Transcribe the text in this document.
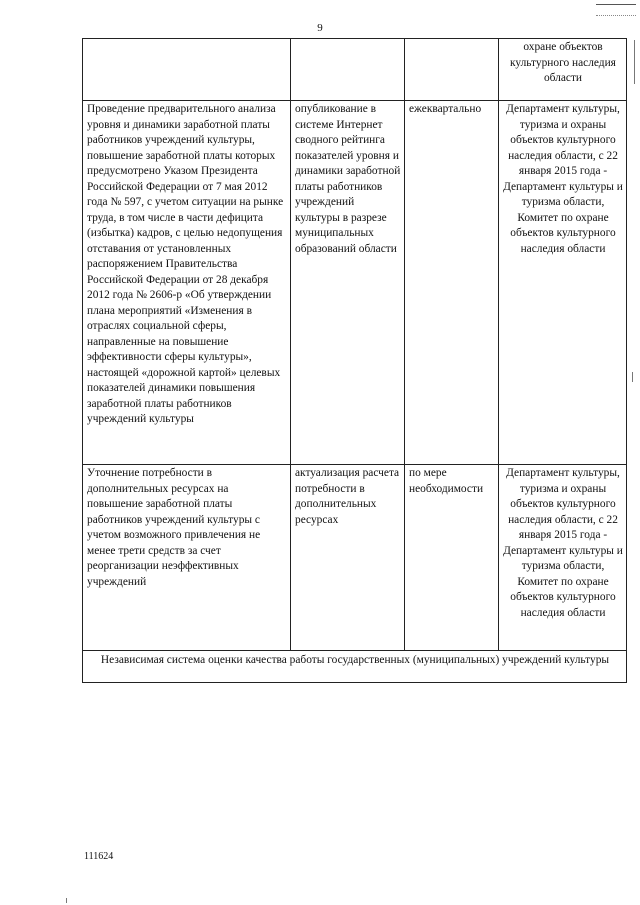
9
			охране объектов культурного наследия области
Проведение предварительного анализа уровня и динамики заработной платы работников учреждений культуры, повышение заработной платы которых предусмотрено Указом Президента Российской Федерации от 7 мая 2012 года № 597, с учетом ситуации на рынке труда, в том числе в части дефицита (избытка) кадров, с целью недопущения отставания от установленных распоряжением Правительства Российской Федерации от 28 декабря 2012 года № 2606-р «Об утверждении плана мероприятий «Изменения в отраслях социальной сферы, направленные на повышение эффективности сферы культуры», настоящей «дорожной картой» целевых показателей динамики повышения заработной платы работников учреждений культуры	опубликование в системе Интернет сводного рейтинга показателей уровня и динамики заработной платы работников учреждений культуры в разрезе муниципальных образований области	ежеквартально	Департамент культуры, туризма и охраны объектов культурного наследия области, с 22 января 2015 года - Департамент культуры и туризма области, Комитет по охране объектов культурного наследия области
Уточнение потребности в дополнительных ресурсах на повышение заработной платы работников учреждений культуры с учетом возможного привлечения не менее трети средств за счет реорганизации неэффективных учреждений	актуализация расчета потребности в дополнительных ресурсах	по мере необходимости	Департамент культуры, туризма и охраны объектов культурного наследия области, с 22 января 2015 года - Департамент культуры и туризма области, Комитет по охране объектов культурного наследия области
Независимая система оценки качества работы государственных (муниципальных) учреждений культуры			
111624
